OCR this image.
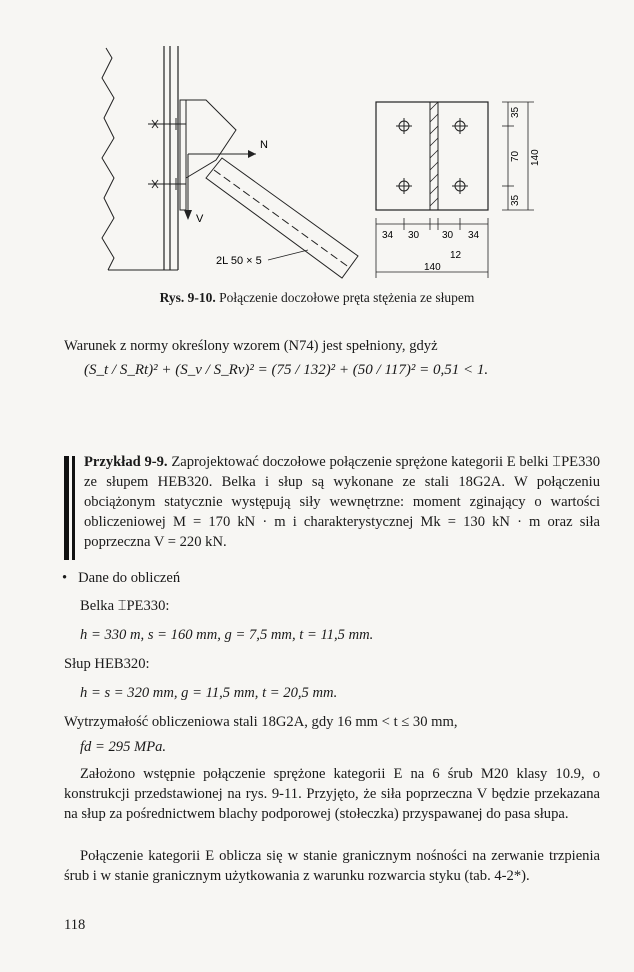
N
V
2L 50 × 5
35
70
35
140
34 30 30 34
12
140
Rys. 9-10. Połączenie doczołowe pręta stężenia ze słupem
Warunek z normy określony wzorem (N74) jest spełniony, gdyż
(S_t / S_Rt)² + (S_v / S_Rv)² = (75 / 132)² + (50 / 117)² = 0,51 < 1.
Przykład 9-9. Zaprojektować doczołowe połączenie sprężone kategorii E belki ⌶PE330 ze słupem HEB320. Belka i słup są wykonane ze stali 18G2A. W połączeniu obciążonym statycznie występują siły wewnętrzne: moment zginający o wartości obliczeniowej M = 170 kN · m i charakterystycznej Mk = 130 kN · m oraz siła poprzeczna V = 220 kN.
•   Dane do obliczeń
Belka ⌶PE330:
h = 330 m, s = 160 mm, g = 7,5 mm, t = 11,5 mm.
Słup HEB320:
h = s = 320 mm, g = 11,5 mm, t = 20,5 mm.
Wytrzymałość obliczeniowa stali 18G2A, gdy 16 mm < t ≤ 30 mm,
fd = 295 MPa.
Założono wstępnie połączenie sprężone kategorii E na 6 śrub M20 klasy 10.9, o konstrukcji przedstawionej na rys. 9-11. Przyjęto, że siła poprzeczna V będzie przekazana na słup za pośrednictwem blachy podporowej (stołeczka) przyspawanej do pasa słupa.
Połączenie kategorii E oblicza się w stanie granicznym nośności na zerwanie trzpienia śrub i w stanie granicznym użytkowania z warunku rozwarcia styku (tab. 4-2*).
118
